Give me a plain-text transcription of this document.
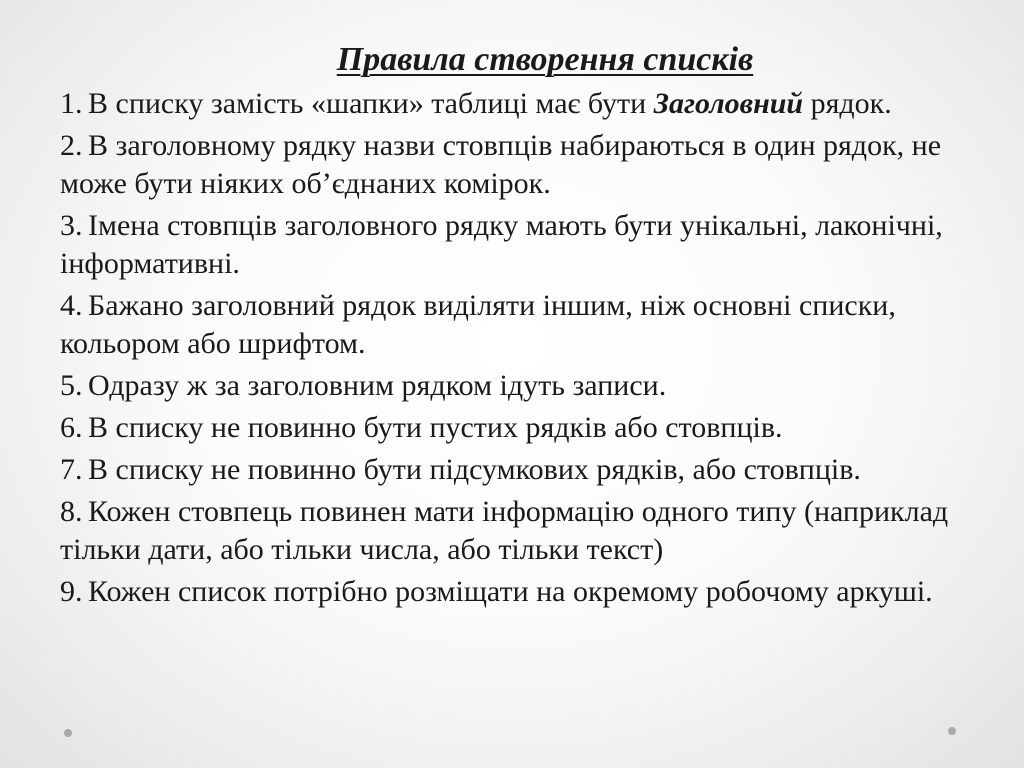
Правила створення списків
1. В списку замість «шапки» таблиці має бути Заголовний рядок.
2. В заголовному рядку назви стовпців набираються в один рядок, не може бути ніяких об’єднаних комірок.
3. Імена стовпців заголовного рядку мають бути унікальні, лаконічні, інформативні.
4. Бажано заголовний рядок виділяти іншим, ніж основні списки, кольором або шрифтом.
5. Одразу ж за заголовним рядком ідуть записи.
6. В списку не повинно бути пустих рядків або стовпців.
7. В списку не повинно бути підсумкових рядків, або стовпців.
8. Кожен стовпець повинен мати інформацію одного типу (наприклад тільки дати, або тільки числа, або тільки текст)
9. Кожен список потрібно розміщати на окремому робочому аркуші.
